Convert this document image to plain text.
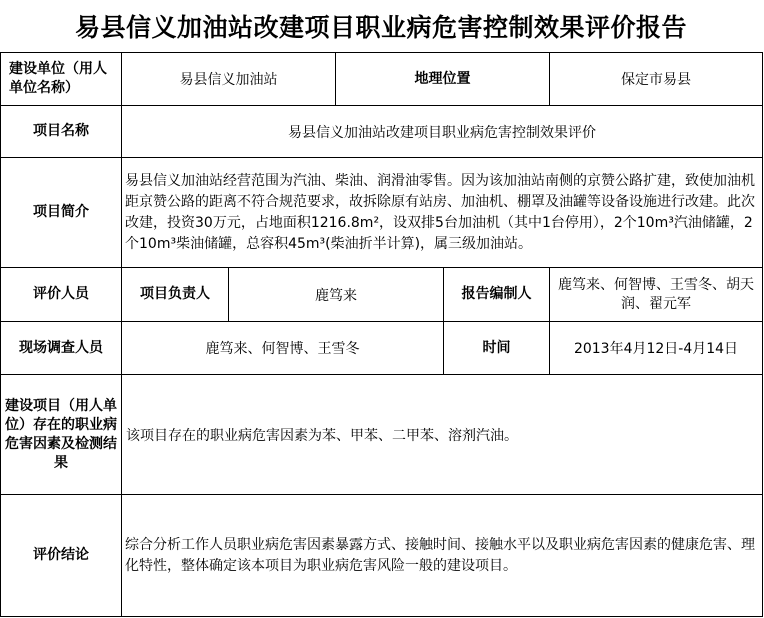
易县信义加油站改建项目职业病危害控制效果评价报告
建设单位（用人单位名称）	易县信义加油站		地理位置		保定市易县
项目名称	易县信义加油站改建项目职业病危害控制效果评价				
项目简介	易县信义加油站经营范围为汽油、柴油、润滑油零售。因为该加油站南侧的京赞公路扩建，致使加油机距京赞公路的距离不符合规范要求，故拆除原有站房、加油机、棚罩及油罐等设备设施进行改建。此次改建，投资30万元，占地面积1216.8m²，设双排5台加油机（其中1台停用），2个10m³汽油储罐，2个10m³柴油储罐，总容积45m³(柴油折半计算)，属三级加油站。				
评价人员	项目负责人	鹿笃来		报告编制人	鹿笃来、何智博、王雪冬、胡天润、翟元军
现场调查人员	鹿笃来、何智博、王雪冬			时间	2013年4月12日-4月14日
建设项目（用人单位）存在的职业病危害因素及检测结果	该项目存在的职业病危害因素为苯、甲苯、二甲苯、溶剂汽油。				
评价结论	综合分析工作人员职业病危害因素暴露方式、接触时间、接触水平以及职业病危害因素的健康危害、理化特性，整体确定该本项目为职业病危害风险一般的建设项目。				
